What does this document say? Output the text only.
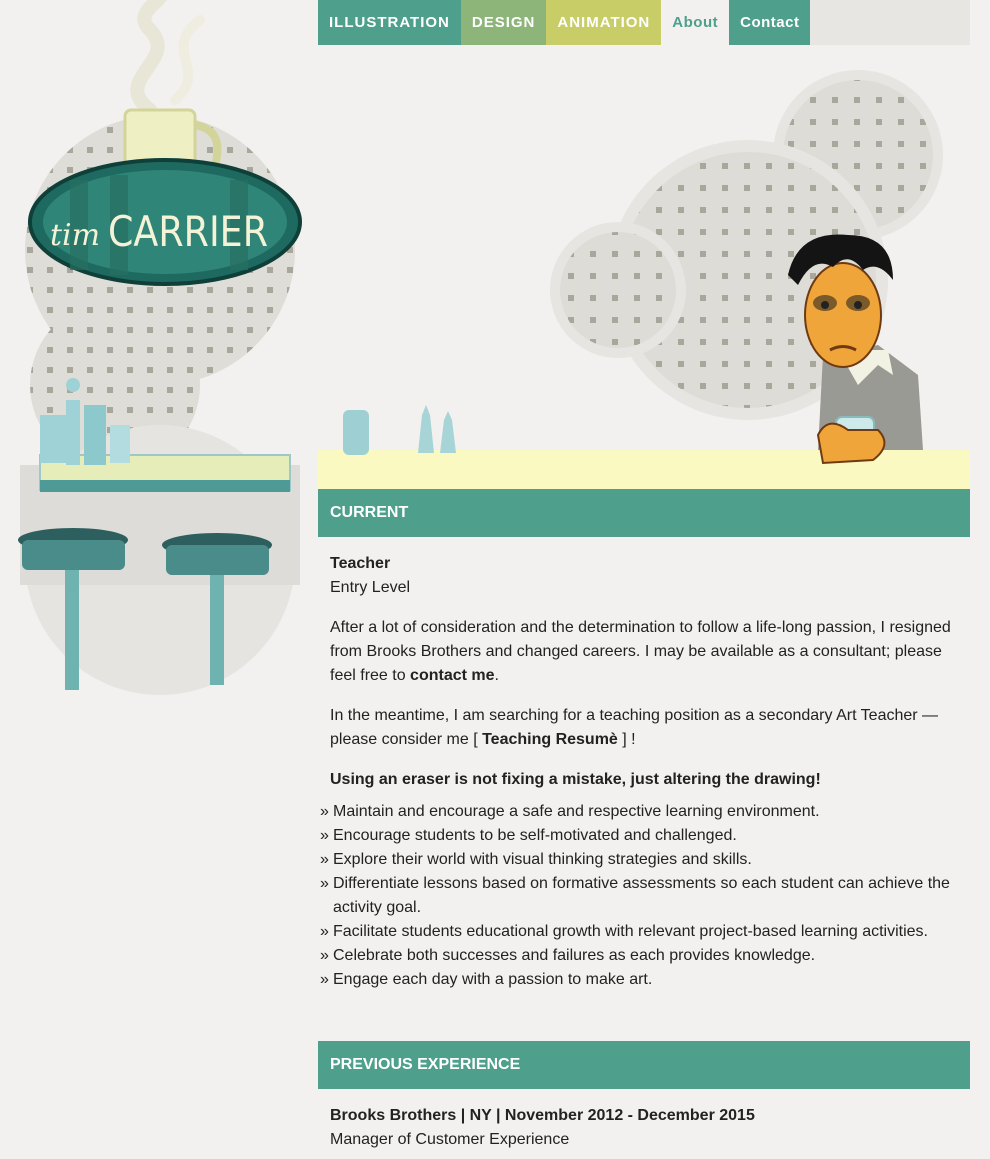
tim CARRIER
ILLUSTRATION	DESIGN	ANIMATION	About	Contact
CURRENT

Teacher

Entry Level

After a lot of consideration and the determination to follow a life-long passion, I resigned from Brooks Brothers and changed careers. I may be available as a consultant; please feel free to contact me.

In the meantime, I am searching for a teaching position as a secondary Art Teacher — please consider me [ Teaching Resumè ] !

Using an eraser is not fixing a mistake, just altering the drawing!

» Maintain and encourage a safe and respective learning environment.
» Encourage students to be self-motivated and challenged.
» Explore their world with visual thinking strategies and skills.
» Differentiate lessons based on formative assessments so each student can achieve the activity goal.
» Facilitate students educational growth with relevant project-based learning activities.
» Celebrate both successes and failures as each provides knowledge.
» Engage each day with a passion to make art.
PREVIOUS EXPERIENCE

Brooks Brothers | NY | November 2012 - December 2015

Manager of Customer Experience
